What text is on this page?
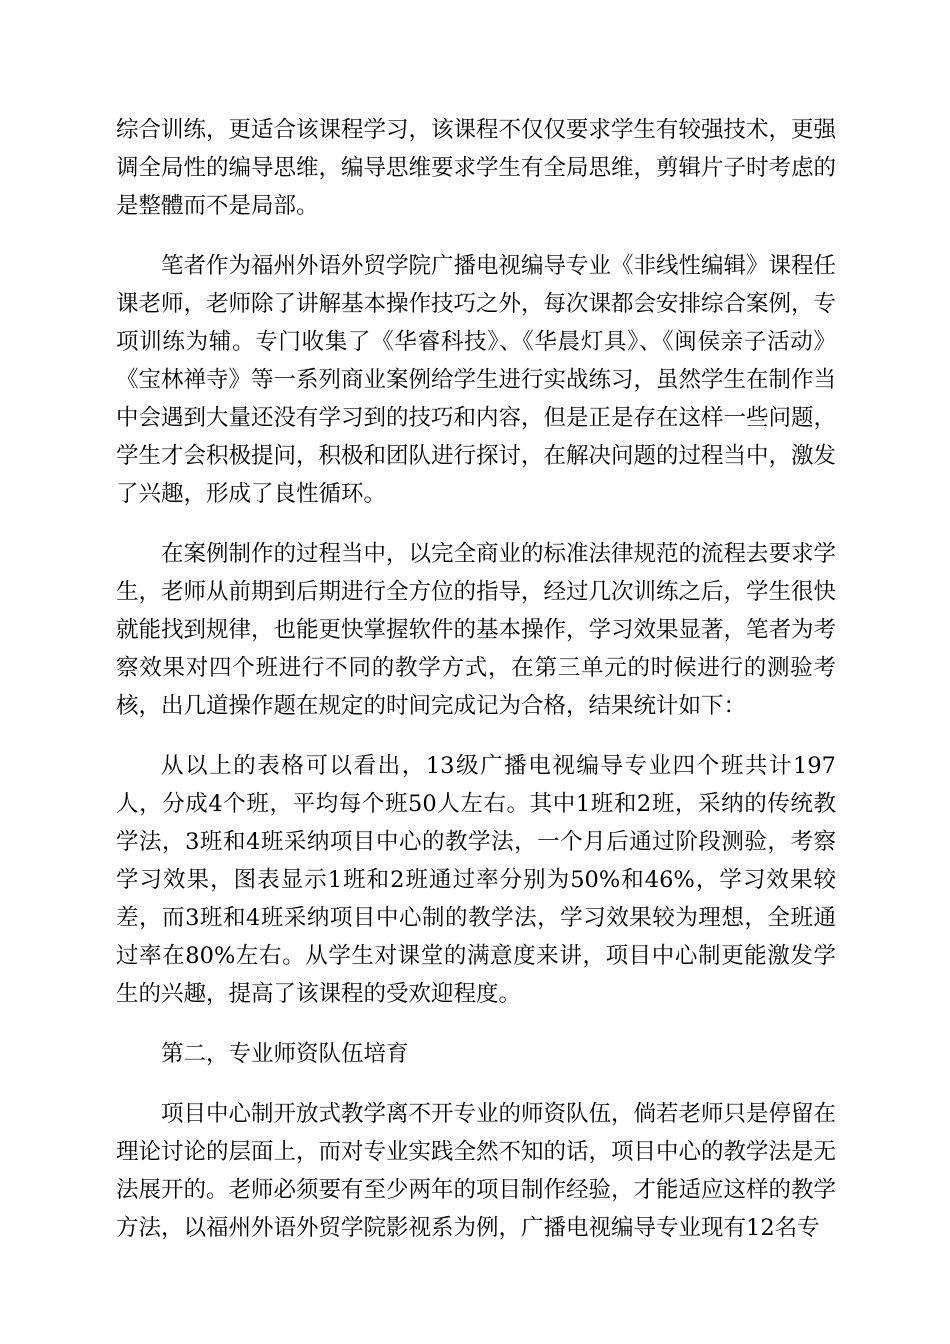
综合训练，更适合该课程学习，该课程不仅仅要求学生有较强技术，更强调全局性的编导思维，编导思维要求学生有全局思维，剪辑片子时考虑的是整體而不是局部。

笔者作为福州外语外贸学院广播电视编导专业《非线性编辑》课程任课老师，老师除了讲解基本操作技巧之外，每次课都会安排综合案例，专项训练为辅。专门收集了《华睿科技》、《华晨灯具》、《闽侯亲子活动》《宝林禅寺》等一系列商业案例给学生进行实战练习，虽然学生在制作当中会遇到大量还没有学习到的技巧和内容，但是正是存在这样一些问题，学生才会积极提问，积极和团队进行探讨，在解决问题的过程当中，激发了兴趣，形成了良性循环。

在案例制作的过程当中，以完全商业的标准法律规范的流程去要求学生，老师从前期到后期进行全方位的指导，经过几次训练之后，学生很快就能找到规律，也能更快掌握软件的基本操作，学习效果显著，笔者为考察效果对四个班进行不同的教学方式，在第三单元的时候进行的测验考核，出几道操作题在规定的时间完成记为合格，结果统计如下：

从以上的表格可以看出，13级广播电视编导专业四个班共计197人，分成4个班，平均每个班50人左右。其中1班和2班，采纳的传统教学法，3班和4班采纳项目中心的教学法，一个月后通过阶段测验，考察学习效果，图表显示1班和2班通过率分别为50%和46%，学习效果较差，而3班和4班采纳项目中心制的教学法，学习效果较为理想，全班通过率在80%左右。从学生对课堂的满意度来讲，项目中心制更能激发学生的兴趣，提高了该课程的受欢迎程度。

第二，专业师资队伍培育

项目中心制开放式教学离不开专业的师资队伍，倘若老师只是停留在理论讨论的层面上，而对专业实践全然不知的话，项目中心的教学法是无法展开的。老师必须要有至少两年的项目制作经验，才能适应这样的教学方法，以福州外语外贸学院影视系为例，广播电视编导专业现有12名专
